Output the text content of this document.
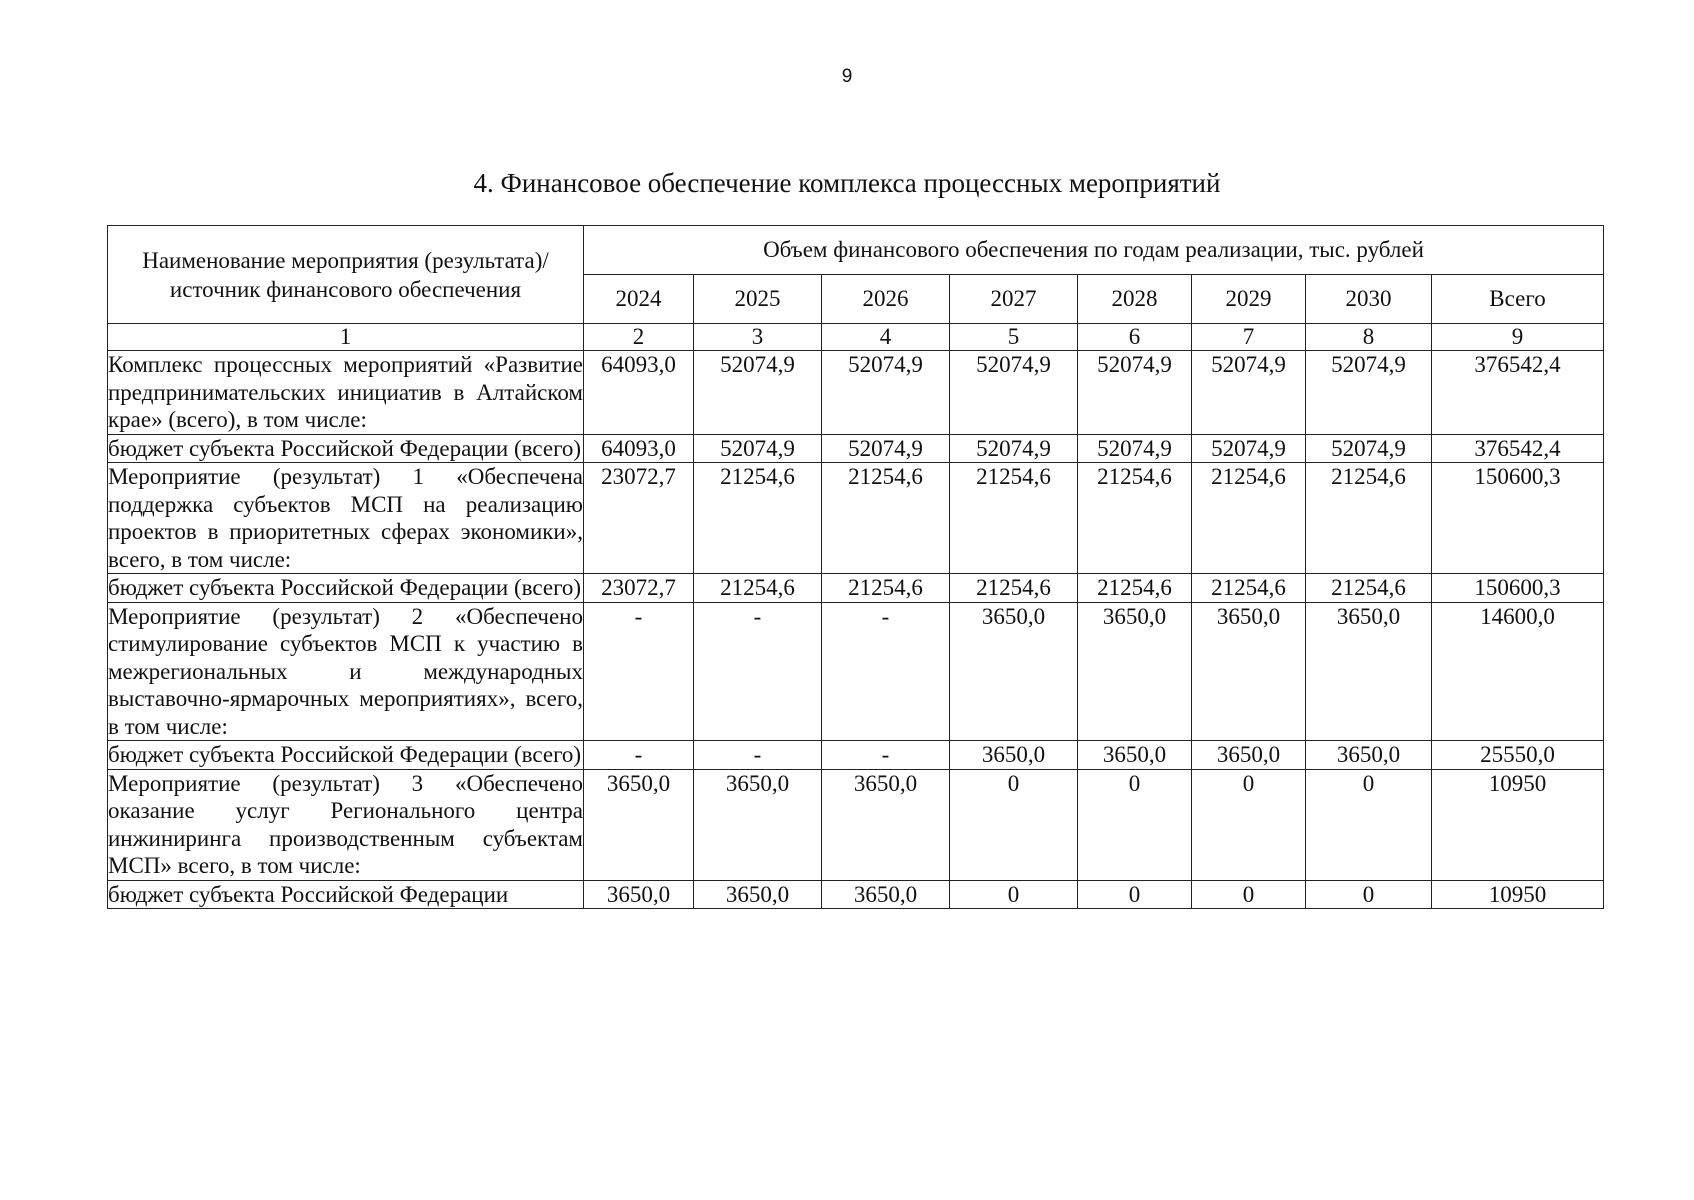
9
4. Финансовое обеспечение комплекса процессных мероприятий
Наименование мероприятия (результата)/ источник финансового обеспечения	Объем финансового обеспечения по годам реализации, тыс. рублей							
	2024	2025	2026	2027	2028	2029	2030	Всего
1	2	3	4	5	6	7	8	9
Комплекс процессных мероприятий «Развитие предпринимательских инициатив в Алтайском крае» (всего), в том числе:	64093,0	52074,9	52074,9	52074,9	52074,9	52074,9	52074,9	376542,4
бюджет субъекта Российской Федерации (всего)	64093,0	52074,9	52074,9	52074,9	52074,9	52074,9	52074,9	376542,4
Мероприятие (результат) 1 «Обеспечена поддержка субъектов МСП на реализацию проектов в приоритетных сферах экономики», всего, в том числе:	23072,7	21254,6	21254,6	21254,6	21254,6	21254,6	21254,6	150600,3
бюджет субъекта Российской Федерации (всего)	23072,7	21254,6	21254,6	21254,6	21254,6	21254,6	21254,6	150600,3
Мероприятие (результат) 2 «Обеспечено стимулирование субъектов МСП к участию в межрегиональных и международных выставочно-ярмарочных мероприятиях», всего, в том числе:	-	-	-	3650,0	3650,0	3650,0	3650,0	14600,0
бюджет субъекта Российской Федерации (всего)	-	-	-	3650,0	3650,0	3650,0	3650,0	25550,0
Мероприятие (результат) 3 «Обеспечено оказание услуг Регионального центра инжиниринга производственным субъектам МСП» всего, в том числе:	3650,0	3650,0	3650,0	0	0	0	0	10950
бюджет субъекта Российской Федерации	3650,0	3650,0	3650,0	0	0	0	0	10950
